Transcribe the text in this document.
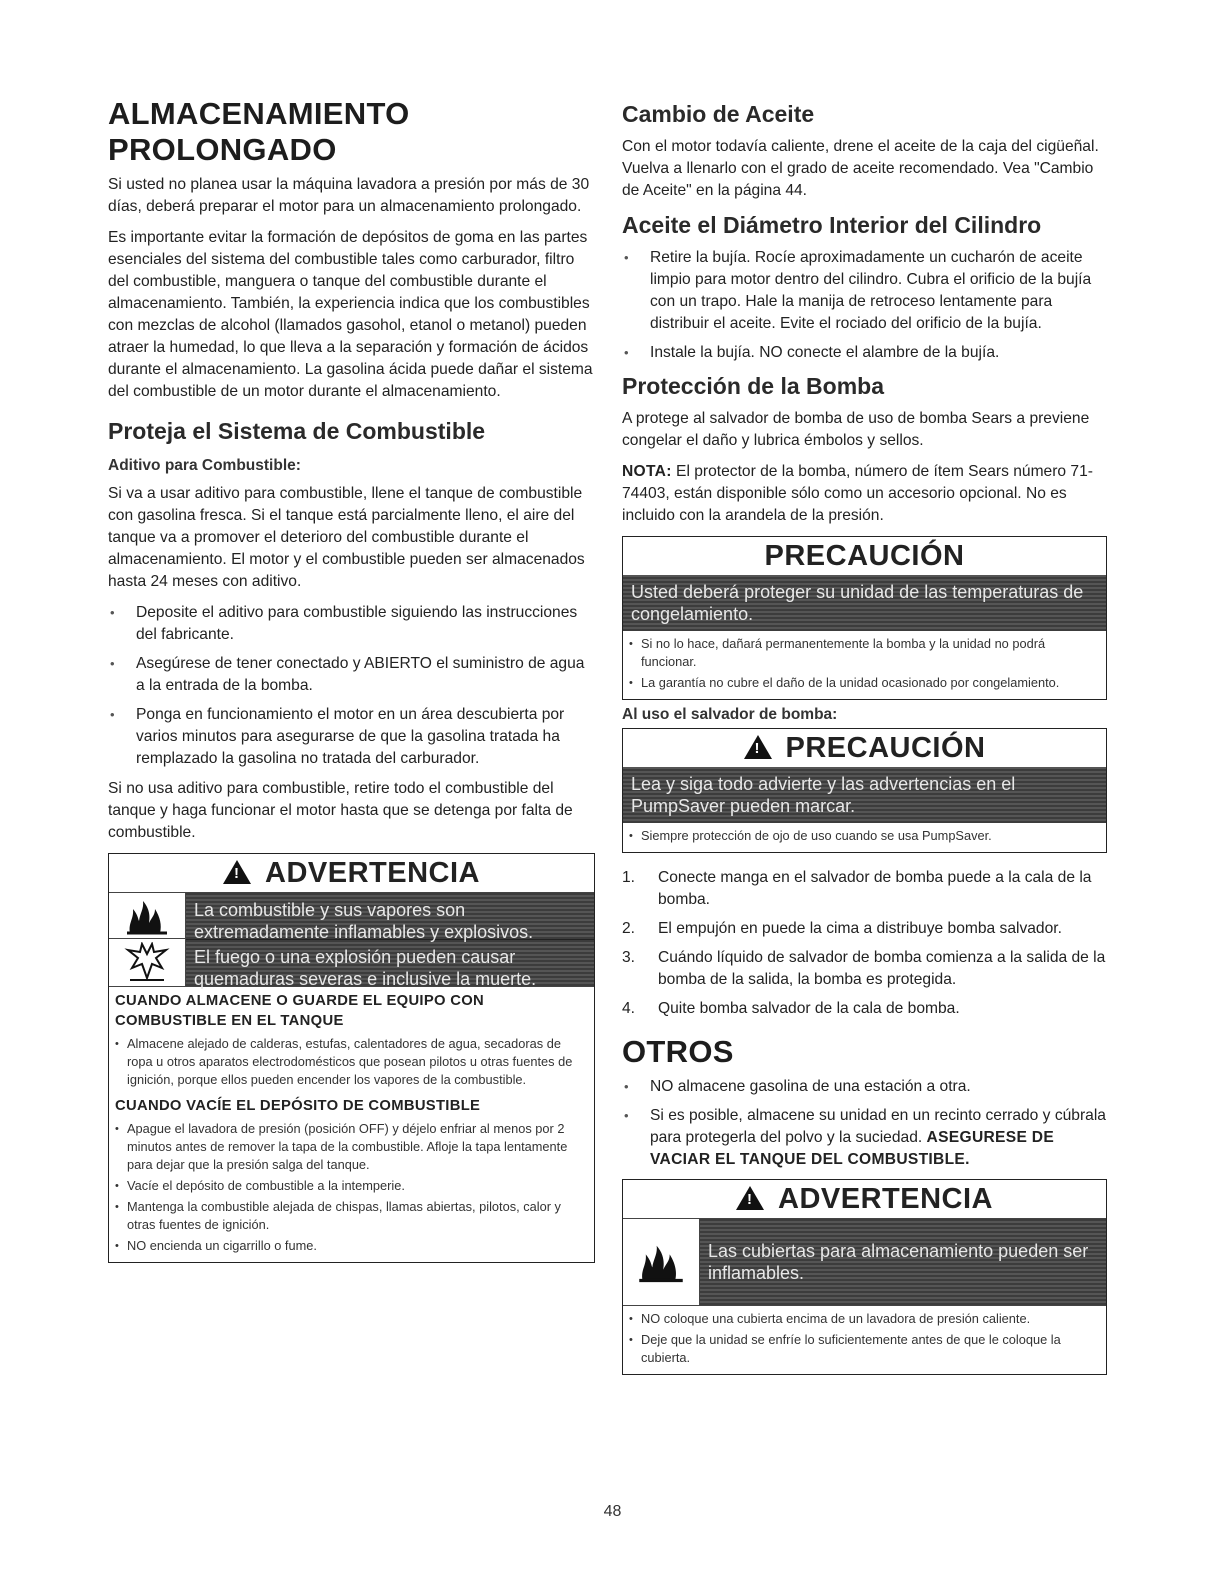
ALMACENAMIENTO PROLONGADO

Si usted no planea usar la máquina lavadora a presión por más de 30 días, deberá preparar el motor para un almacenamiento prolongado.

Es importante evitar la formación de depósitos de goma en las partes esenciales del sistema del combustible tales como carburador, filtro del combustible, manguera o tanque del combustible durante el almacenamiento. También, la experiencia indica que los combustibles con mezclas de alcohol (llamados gasohol, etanol o metanol) pueden atraer la humedad, lo que lleva a la separación y formación de ácidos durante el almacenamiento. La gasolina ácida puede dañar el sistema del combustible de un motor durante el almacenamiento.

Proteja el Sistema de Combustible
Aditivo para Combustible:

Si va a usar aditivo para combustible, llene el tanque de combustible con gasolina fresca. Si el tanque está parcialmente lleno, el aire del tanque va a promover el deterioro del combustible durante el almacenamiento. El motor y el combustible pueden ser almacenados hasta 24 meses con aditivo.

• Deposite el aditivo para combustible siguiendo las instrucciones del fabricante.
• Asegúrese de tener conectado y ABIERTO el suministro de agua a la entrada de la bomba.
• Ponga en funcionamiento el motor en un área descubierta por varios minutos para asegurarse de que la gasolina tratada ha remplazado la gasolina no tratada del carburador.

Si no usa aditivo para combustible, retire todo el combustible del tanque y haga funcionar el motor hasta que se detenga por falta de combustible.

!ADVERTENCIA
La combustible y sus vapores son extremadamente inflamables y explosivos.
El fuego o una explosión pueden causar quemaduras severas e inclusive la muerte.
CUANDO ALMACENE O GUARDE EL EQUIPO CON COMBUSTIBLE EN EL TANQUE
• Almacene alejado de calderas, estufas, calentadores de agua, secadoras de ropa u otros aparatos electrodomésticos que posean pilotos u otras fuentes de ignición, porque ellos pueden encender los vapores de la combustible.
CUANDO VACÍE EL DEPÓSITO DE COMBUSTIBLE
• Apague el lavadora de presión (posición OFF) y déjelo enfriar al menos por 2 minutos antes de remover la tapa de la combustible. Afloje la tapa lentamente para dejar que la presión salga del tanque.
• Vacíe el depósito de combustible a la intemperie.
• Mantenga la combustible alejada de chispas, llamas abiertas, pilotos, calor y otras fuentes de ignición.
• NO encienda un cigarrillo o fume.
Cambio de Aceite

Con el motor todavía caliente, drene el aceite de la caja del cigüeñal. Vuelva a llenarlo con el grado de aceite recomendado. Vea "Cambio de Aceite" en la página 44.

Aceite el Diámetro Interior del Cilindro
• Retire la bujía. Rocíe aproximadamente un cucharón de aceite limpio para motor dentro del cilindro. Cubra el orificio de la bujía con un trapo. Hale la manija de retroceso lentamente para distribuir el aceite. Evite el rociado del orificio de la bujía.
• Instale la bujía. NO conecte el alambre de la bujía.
Protección de la Bomba

A protege al salvador de bomba de uso de bomba Sears a previene congelar el daño y lubrica émbolos y sellos.

NOTA: El protector de la bomba, número de ítem Sears número 71-74403, están disponible sólo como un accesorio opcional. No es incluido con la arandela de la presión.

PRECAUCIÓN
Usted deberá proteger su unidad de las temperaturas de congelamiento.
• Si no lo hace, dañará permanentemente la bomba y la unidad no podrá funcionar.
• La garantía no cubre el daño de la unidad ocasionado por congelamiento.
Al uso el salvador de bomba:
!PRECAUCIÓN
Lea y siga todo advierte y las advertencias en el PumpSaver pueden marcar.
• Siempre protección de ojo de uso cuando se usa PumpSaver.
1. Conecte manga en el salvador de bomba puede a la cala de la bomba.
2. El empujón en puede la cima a distribuye bomba salvador.
3. Cuándo líquido de salvador de bomba comienza a la salida de la bomba de la salida, la bomba es protegida.
4. Quite bomba salvador de la cala de bomba.
OTROS
• NO almacene gasolina de una estación a otra.
• Si es posible, almacene su unidad en un recinto cerrado y cúbrala para protegerla del polvo y la suciedad. ASEGURESE DE VACIAR EL TANQUE DEL COMBUSTIBLE.
!ADVERTENCIA
Las cubiertas para almacenamiento pueden ser inflamables.
• NO coloque una cubierta encima de un lavadora de presión caliente.
• Deje que la unidad se enfríe lo suficientemente antes de que le coloque la cubierta.
48
